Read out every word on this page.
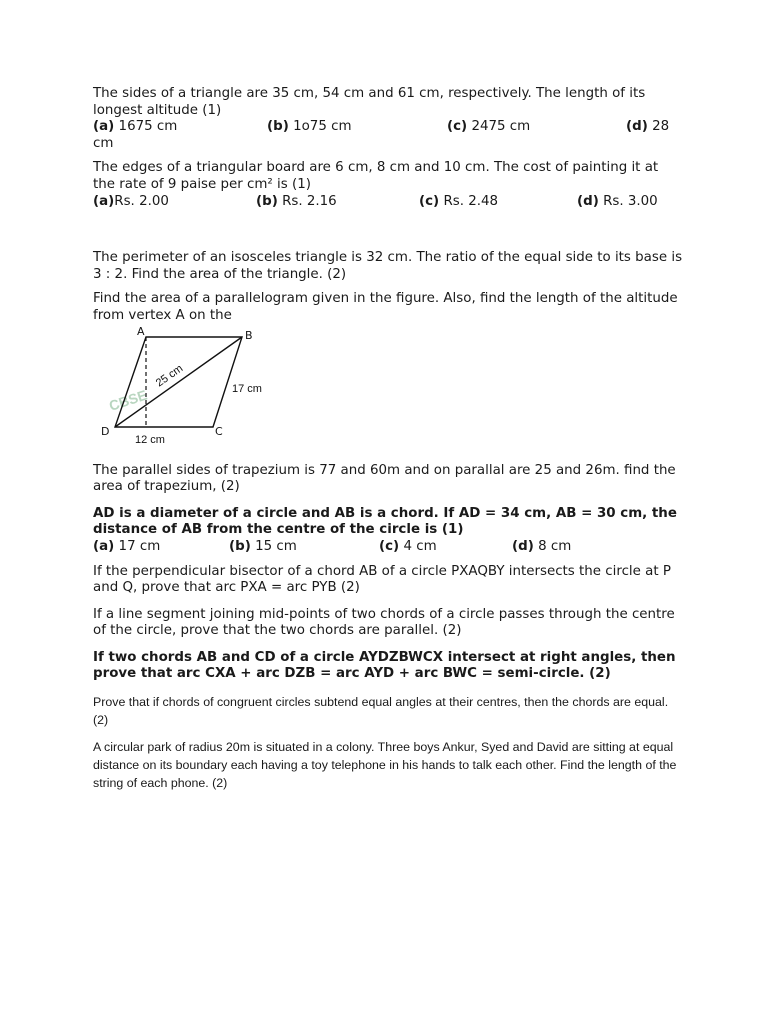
The sides of a triangle are 35 cm, 54 cm and 61 cm, respectively. The length of its longest altitude (1)

(a) 1675 cm	(b) 1o75 cm	(c) 2475 cm	(d) 28

cm

The edges of a triangular board are 6 cm, 8 cm and 10 cm. The cost of painting it at the rate of 9 paise per cm² is (1)

(a)Rs. 2.00	(b) Rs. 2.16	(c) Rs. 2.48	(d) Rs. 3.00

The perimeter of an isosceles triangle is 32 cm. The ratio of the equal side to its base is 3 : 2. Find the area of the triangle. (2)

Find the area of a parallelogram given in the figure. Also, find the length of the altitude from vertex A on the

CBSE
A	B
C
D
25 cm	17 cm
12 cm

The parallel sides of trapezium is 77 and 60m and on parallal are 25 and 26m. find the area of trapezium, (2)

AD is a diameter of a circle and AB is a chord. If AD = 34 cm, AB = 30 cm, the distance of AB from the centre of the circle is (1)

(a) 17 cm	(b) 15 cm	(c) 4 cm	(d) 8 cm

If the perpendicular bisector of a chord AB of a circle PXAQBY intersects the circle at P and Q, prove that arc PXA = arc PYB (2)

If a line segment joining mid-points of two chords of a circle passes through the centre of the circle, prove that the two chords are parallel. (2)

If two chords AB and CD of a circle AYDZBWCX intersect at right angles, then prove that arc CXA + arc DZB = arc AYD + arc BWC = semi-circle. (2)

Prove that if chords of congruent circles subtend equal angles at their centres, then the chords are equal. (2)

A circular park of radius 20m is situated in a colony. Three boys Ankur, Syed and David are sitting at equal distance on its boundary each having a toy telephone in his hands to talk each other. Find the length of the string of each phone. (2)
